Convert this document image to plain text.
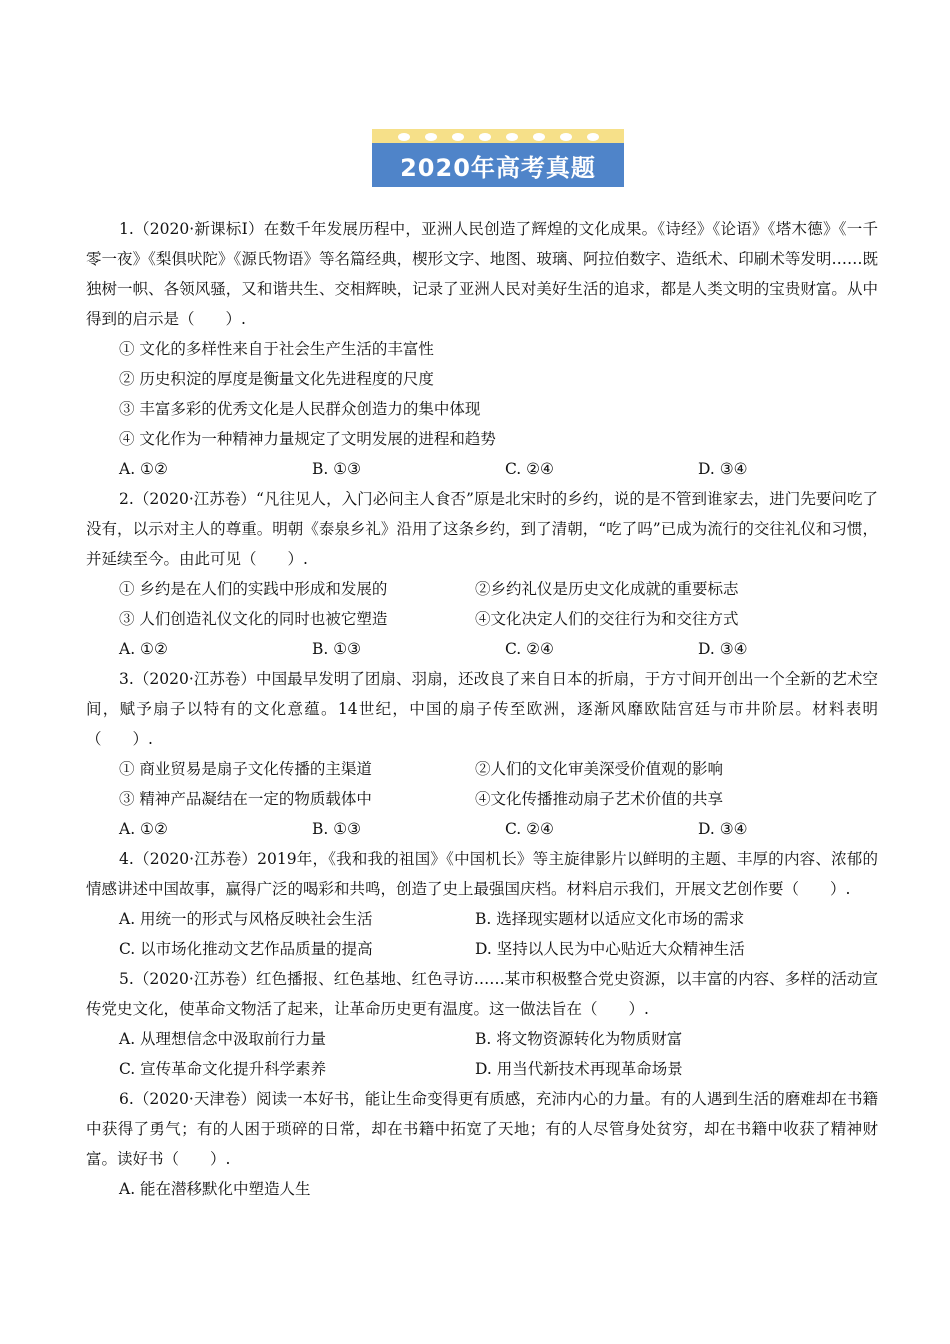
2020年高考真题

1.（2020·新课标I）在数千年发展历程中，亚洲人民创造了辉煌的文化成果。《诗经》《论语》《塔木德》《一千零一夜》《梨俱吠陀》《源氏物语》等名篇经典，楔形文字、地图、玻璃、阿拉伯数字、造纸术、印刷术等发明……既独树一帜、各领风骚，又和谐共生、交相辉映，记录了亚洲人民对美好生活的追求，都是人类文明的宝贵财富。从中得到的启示是（　　）.

① 文化的多样性来自于社会生产生活的丰富性

② 历史积淀的厚度是衡量文化先进程度的尺度

③ 丰富多彩的优秀文化是人民群众创造力的集中体现

④ 文化作为一种精神力量规定了文明发展的进程和趋势

A. ①②	B. ①③	C. ②④	D. ③④

2.（2020·江苏卷）“凡往见人，入门必问主人食否”原是北宋时的乡约，说的是不管到谁家去，进门先要问吃了没有，以示对主人的尊重。明朝《泰泉乡礼》沿用了这条乡约，到了清朝，“吃了吗”已成为流行的交往礼仪和习惯，并延续至今。由此可见（　　）.

① 乡约是在人们的实践中形成和发展的	②乡约礼仪是历史文化成就的重要标志
③ 人们创造礼仪文化的同时也被它塑造	④文化决定人们的交往行为和交往方式
A. ①②	B. ①③	C. ②④	D. ③④

3.（2020·江苏卷）中国最早发明了团扇、羽扇，还改良了来自日本的折扇，于方寸间开创出一个全新的艺术空间，赋予扇子以特有的文化意蕴。14世纪，中国的扇子传至欧洲，逐渐风靡欧陆宫廷与市井阶层。材料表明（　　）.

① 商业贸易是扇子文化传播的主渠道	②人们的文化审美深受价值观的影响
③ 精神产品凝结在一定的物质载体中	④文化传播推动扇子艺术价值的共享
A. ①②	B. ①③	C. ②④	D. ③④

4.（2020·江苏卷）2019年，《我和我的祖国》《中国机长》等主旋律影片以鲜明的主题、丰厚的内容、浓郁的情感讲述中国故事，赢得广泛的喝彩和共鸣，创造了史上最强国庆档。材料启示我们，开展文艺创作要（　　）.

A. 用统一的形式与风格反映社会生活	B. 选择现实题材以适应文化市场的需求
C. 以市场化推动文艺作品质量的提高	D. 坚持以人民为中心贴近大众精神生活

5.（2020·江苏卷）红色播报、红色基地、红色寻访……某市积极整合党史资源，以丰富的内容、多样的活动宣传党史文化，使革命文物活了起来，让革命历史更有温度。这一做法旨在（　　）.

A. 从理想信念中汲取前行力量	B. 将文物资源转化为物质财富
C. 宣传革命文化提升科学素养	D. 用当代新技术再现革命场景

6.（2020·天津卷）阅读一本好书，能让生命变得更有质感，充沛内心的力量。有的人遇到生活的磨难却在书籍中获得了勇气；有的人困于琐碎的日常，却在书籍中拓宽了天地；有的人尽管身处贫穷，却在书籍中收获了精神财富。读好书（　　）.

A. 能在潜移默化中塑造人生
